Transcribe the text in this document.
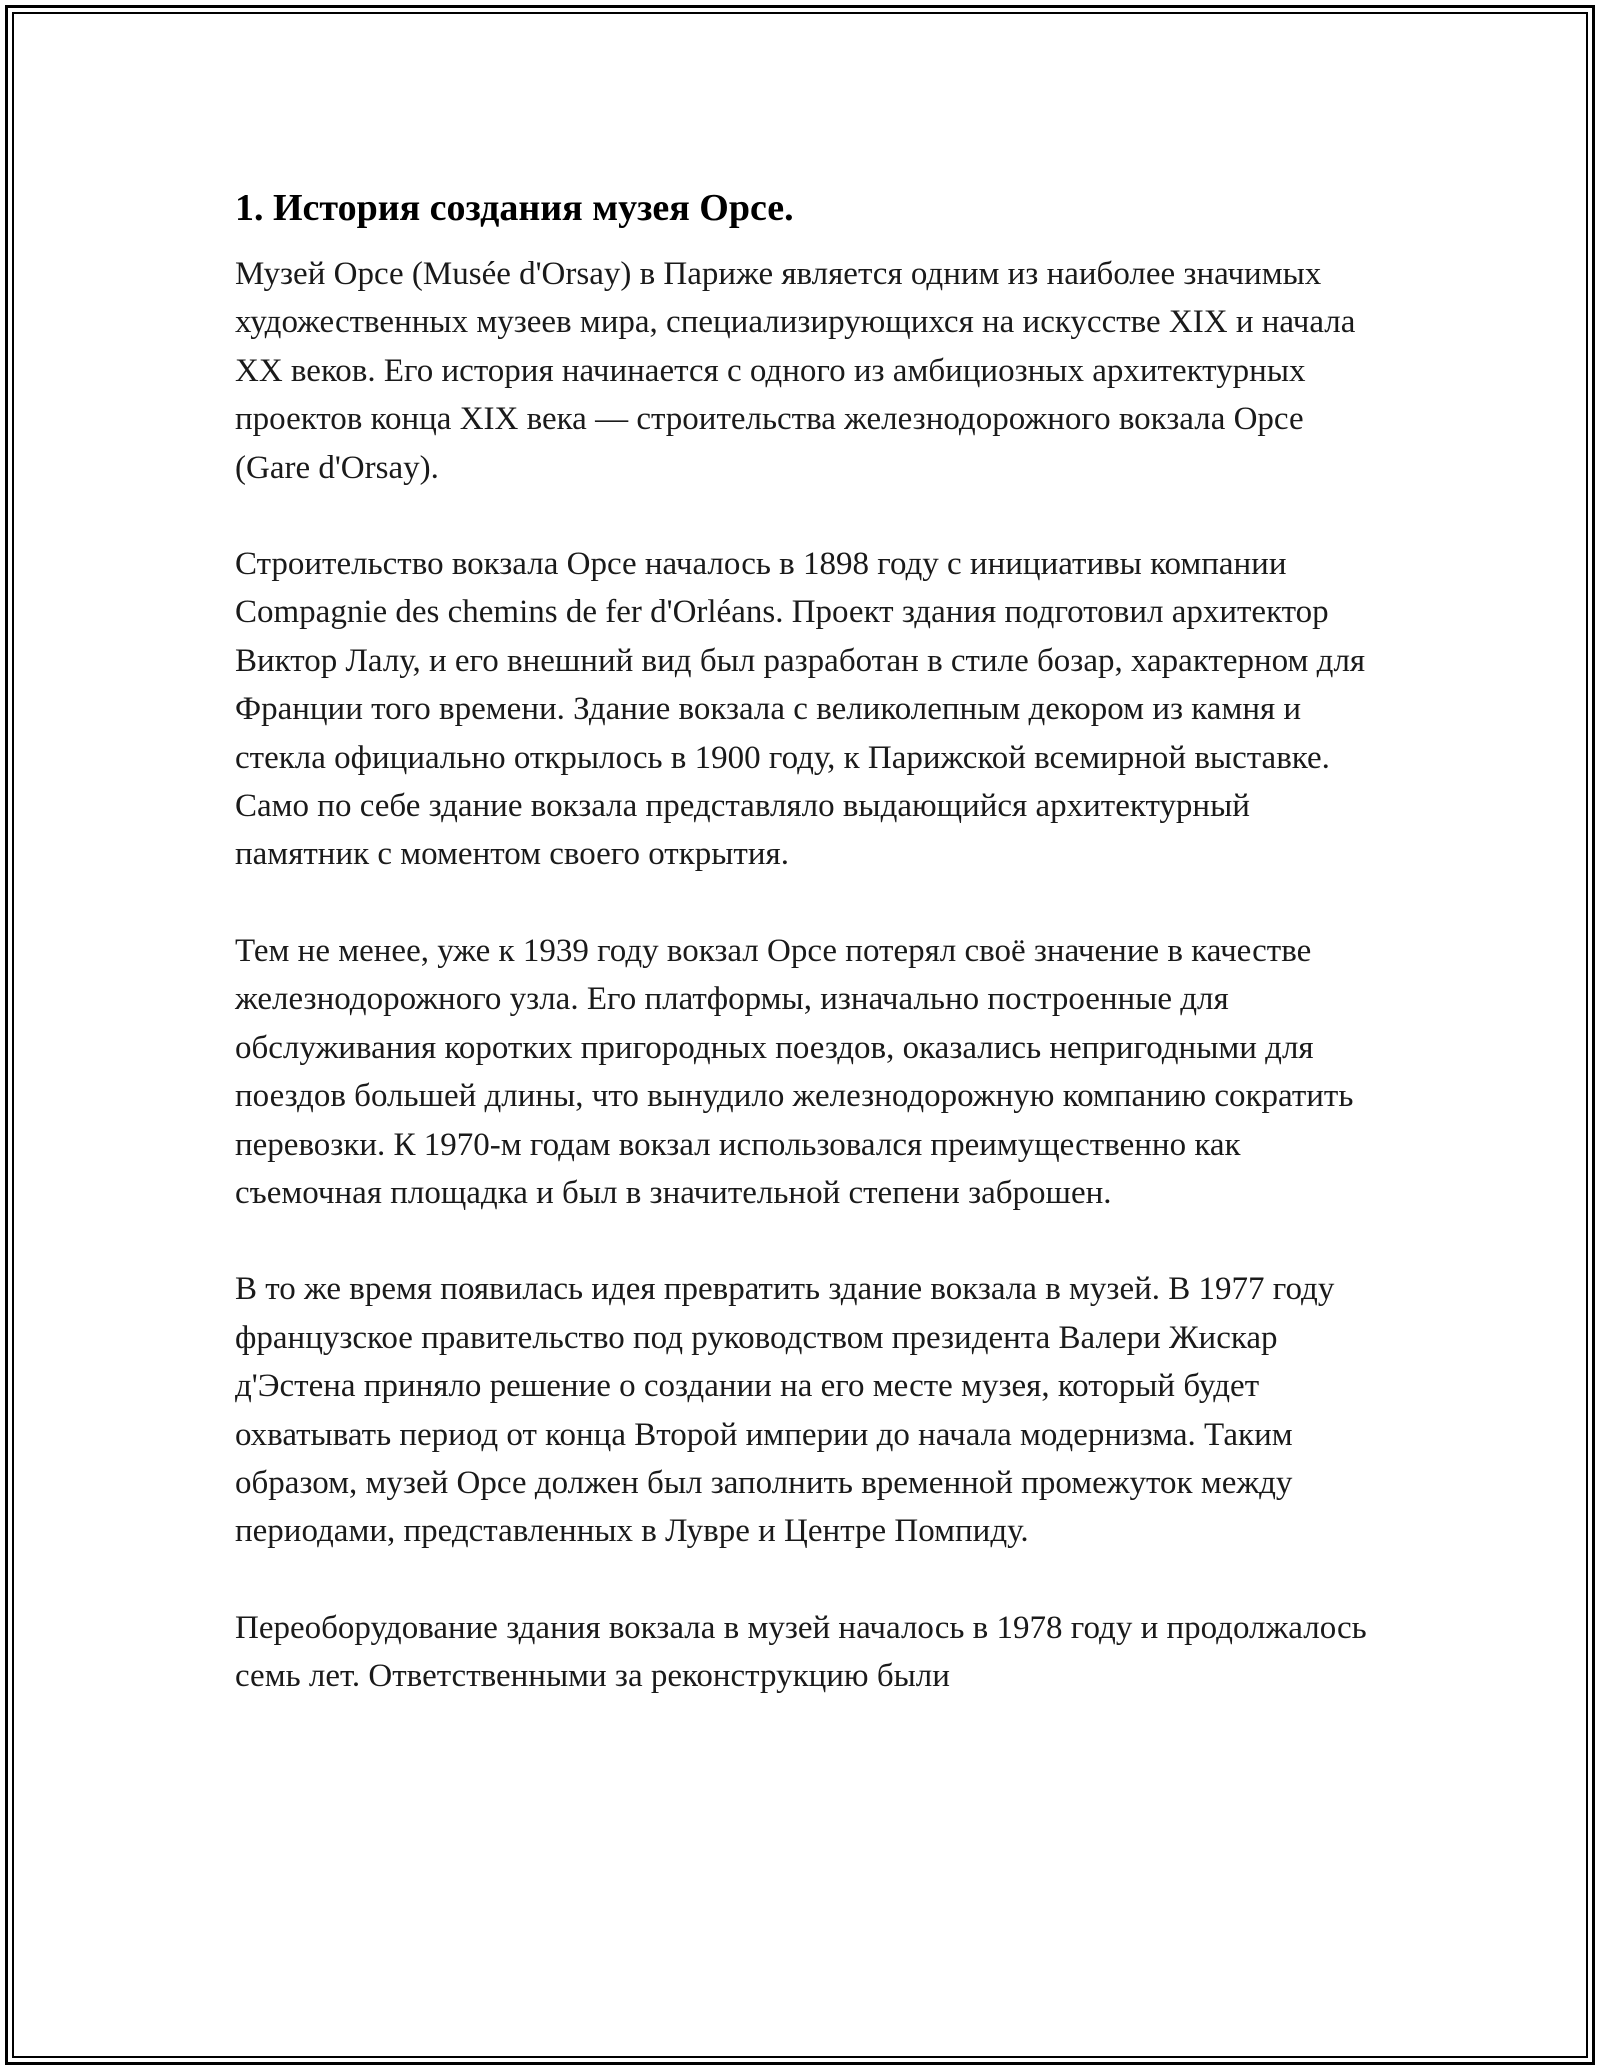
1. История создания музея Орсе.

Музей Орсе (Musée d'Orsay) в Париже является одним из наиболее значимых художественных музеев мира, специализирующихся на искусстве XIX и начала XX веков. Его история начинается с одного из амбициозных архитектурных проектов конца XIX века — строительства железнодорожного вокзала Орсе (Gare d'Orsay).

Строительство вокзала Орсе началось в 1898 году с инициативы компании Compagnie des chemins de fer d'Orléans. Проект здания подготовил архитектор Виктор Лалу, и его внешний вид был разработан в стиле бозар, характерном для Франции того времени. Здание вокзала с великолепным декором из камня и стекла официально открылось в 1900 году, к Парижской всемирной выставке. Само по себе здание вокзала представляло выдающийся архитектурный памятник с моментом своего открытия.

Тем не менее, уже к 1939 году вокзал Орсе потерял своё значение в качестве железнодорожного узла. Его платформы, изначально построенные для обслуживания коротких пригородных поездов, оказались непригодными для поездов большей длины, что вынудило железнодорожную компанию сократить перевозки. К 1970-м годам вокзал использовался преимущественно как съемочная площадка и был в значительной степени заброшен.

В то же время появилась идея превратить здание вокзала в музей. В 1977 году французское правительство под руководством президента Валери Жискар д'Эстена приняло решение о создании на его месте музея, который будет охватывать период от конца Второй империи до начала модернизма. Таким образом, музей Орсе должен был заполнить временной промежуток между периодами, представленных в Лувре и Центре Помпиду.

Переоборудование здания вокзала в музей началось в 1978 году и продолжалось семь лет. Ответственными за реконструкцию были
